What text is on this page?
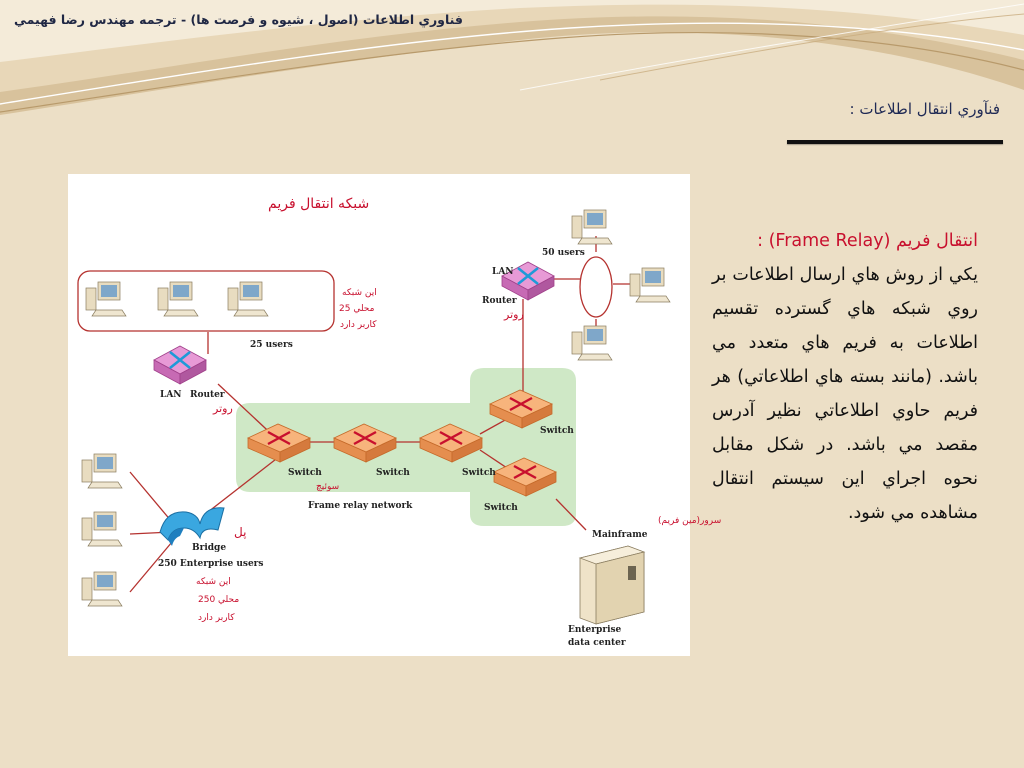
فناوري اطلاعات (اصول ، شيوه و فرصت ها) - ترجمه مهندس رضا فهيمي
فنآوري انتقال اطلاعات :
شبکه انتقال فريم
اين شبکه
محلي 25
کاربر دارد
25 users
LAN Router
روتر
LAN
Router
روتر
50 users
Switch
سوئيچ
Switch	Switch
Switch
Switch
Frame relay network
پل
Bridge
250 Enterprise users
اين شبکه
محلي 250
کاربر دارد
سرور(مين فريم)
Mainframe
Enterprise
data center
انتقال فريم (Frame Relay) :
يکي از روش هاي ارسال اطلاعات بر روي شبکه هاي گسترده تقسيم اطلاعات به فريم هاي متعدد مي باشد. (مانند بسته هاي اطلاعاتي) هر فريم حاوي اطلاعاتي نظير آدرس مقصد مي باشد. در شکل مقابل نحوه اجراي اين سيستم انتقال مشاهده مي شود.
